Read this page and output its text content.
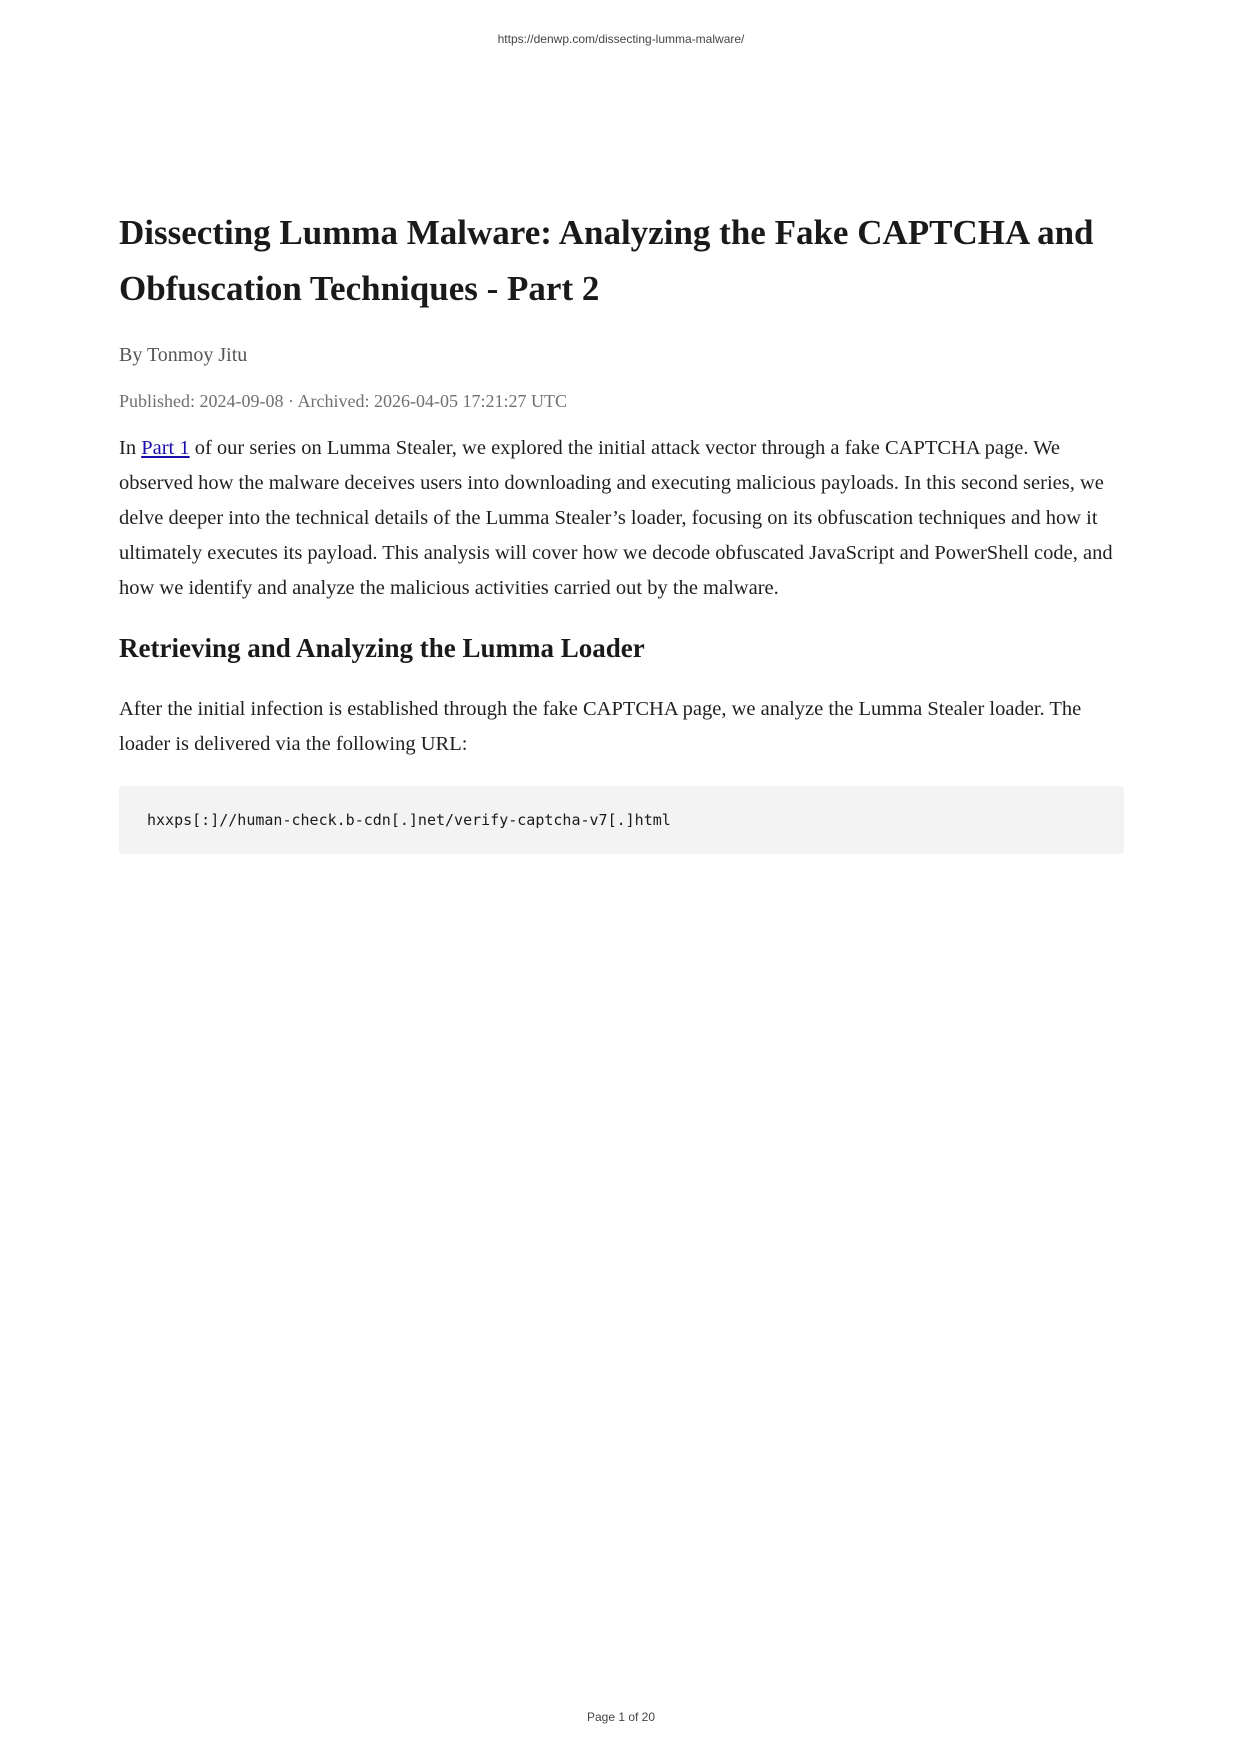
https://denwp.com/dissecting-lumma-malware/
Dissecting Lumma Malware: Analyzing the Fake CAPTCHA and Obfuscation Techniques - Part 2

By Tonmoy Jitu

Published: 2024-09-08 · Archived: 2026-04-05 17:21:27 UTC

In Part 1 of our series on Lumma Stealer, we explored the initial attack vector through a fake CAPTCHA page. We observed how the malware deceives users into downloading and executing malicious payloads. In this second series, we delve deeper into the technical details of the Lumma Stealer’s loader, focusing on its obfuscation techniques and how it ultimately executes its payload. This analysis will cover how we decode obfuscated JavaScript and PowerShell code, and how we identify and analyze the malicious activities carried out by the malware.

Retrieving and Analyzing the Lumma Loader

After the initial infection is established through the fake CAPTCHA page, we analyze the Lumma Stealer loader. The loader is delivered via the following URL:

hxxps[:]//human-check.b-cdn[.]net/verify-captcha-v7[.]html
Page 1 of 20
